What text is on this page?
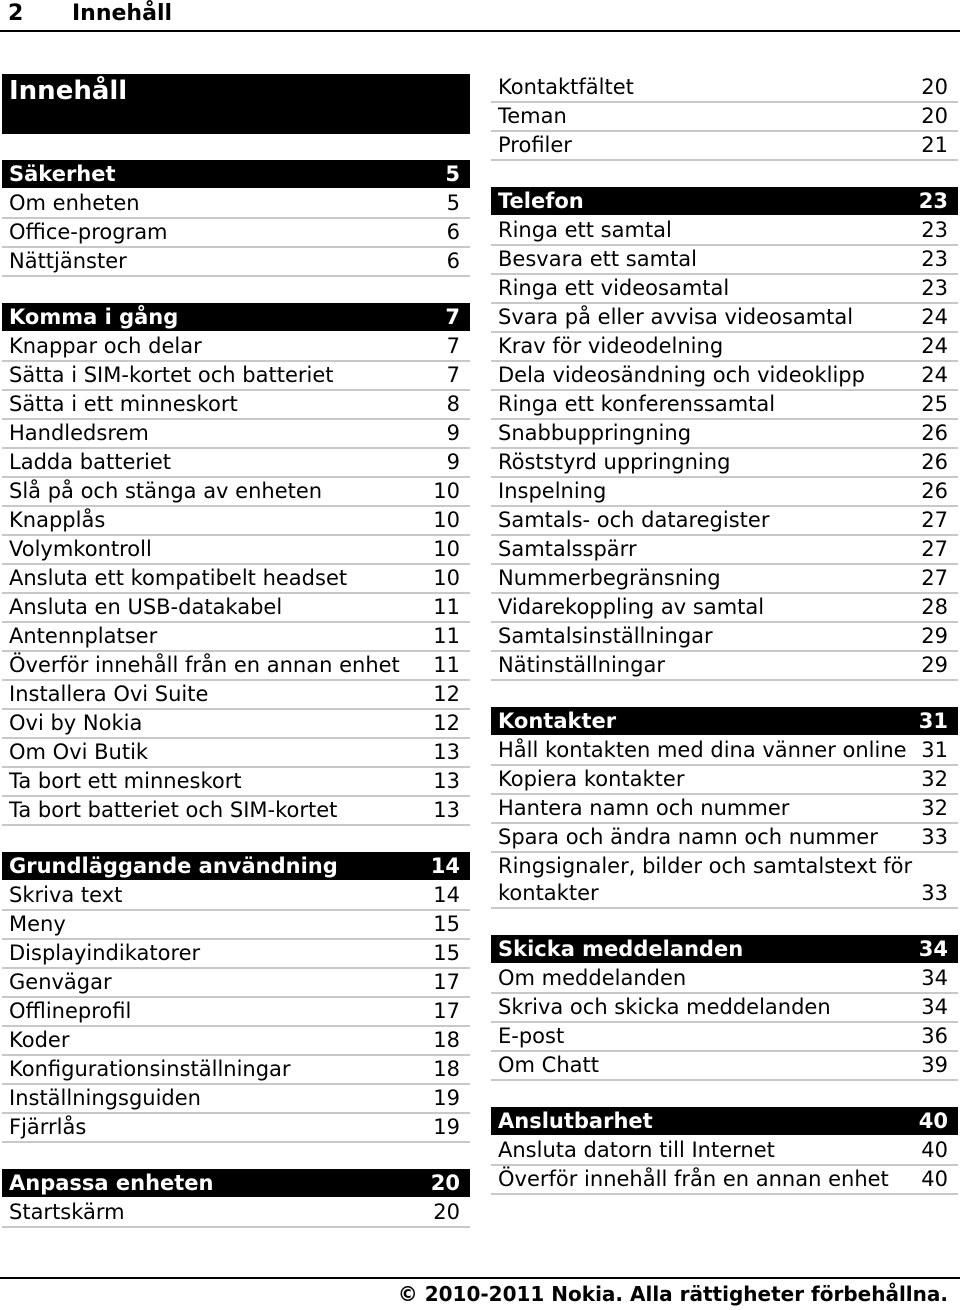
2 Innehåll
Innehåll
Säkerhet	5
Om enheten	5
Office-program	6
Nättjänster	6
Komma i gång	7
Knappar och delar	7
Sätta i SIM-kortet och batteriet	7
Sätta i ett minneskort	8
Handledsrem	9
Ladda batteriet	9
Slå på och stänga av enheten	10
Knapplås	10
Volymkontroll	10
Ansluta ett kompatibelt headset	10
Ansluta en USB-datakabel	11
Antennplatser	11
Överför innehåll från en annan enhet	11
Installera Ovi Suite	12
Ovi by Nokia	12
Om Ovi Butik	13
Ta bort ett minneskort	13
Ta bort batteriet och SIM-kortet	13
Grundläggande användning	14
Skriva text	14
Meny	15
Displayindikatorer	15
Genvägar	17
Offlineprofil	17
Koder	18
Konfigurationsinställningar	18
Inställningsguiden	19
Fjärrlås	19
Anpassa enheten	20
Startskärm	20
Kontaktfältet	20
Teman	20
Profiler	21
Telefon	23
Ringa ett samtal	23
Besvara ett samtal	23
Ringa ett videosamtal	23
Svara på eller avvisa videosamtal	24
Krav för videodelning	24
Dela videosändning och videoklipp	24
Ringa ett konferenssamtal	25
Snabbuppringning	26
Röststyrd uppringning	26
Inspelning	26
Samtals- och dataregister	27
Samtalsspärr	27
Nummerbegränsning	27
Vidarekoppling av samtal	28
Samtalsinställningar	29
Nätinställningar	29
Kontakter	31
Håll kontakten med dina vänner online 31
Kopiera kontakter	32
Hantera namn och nummer	32
Spara och ändra namn och nummer	33
Ringsignaler, bilder och samtalstext för kontakter	33
Skicka meddelanden	34
Om meddelanden	34
Skriva och skicka meddelanden	34
E-post	36
Om Chatt	39
Anslutbarhet	40
Ansluta datorn till Internet	40
Överför innehåll från en annan enhet	40
© 2010-2011 Nokia. Alla rättigheter förbehållna.
